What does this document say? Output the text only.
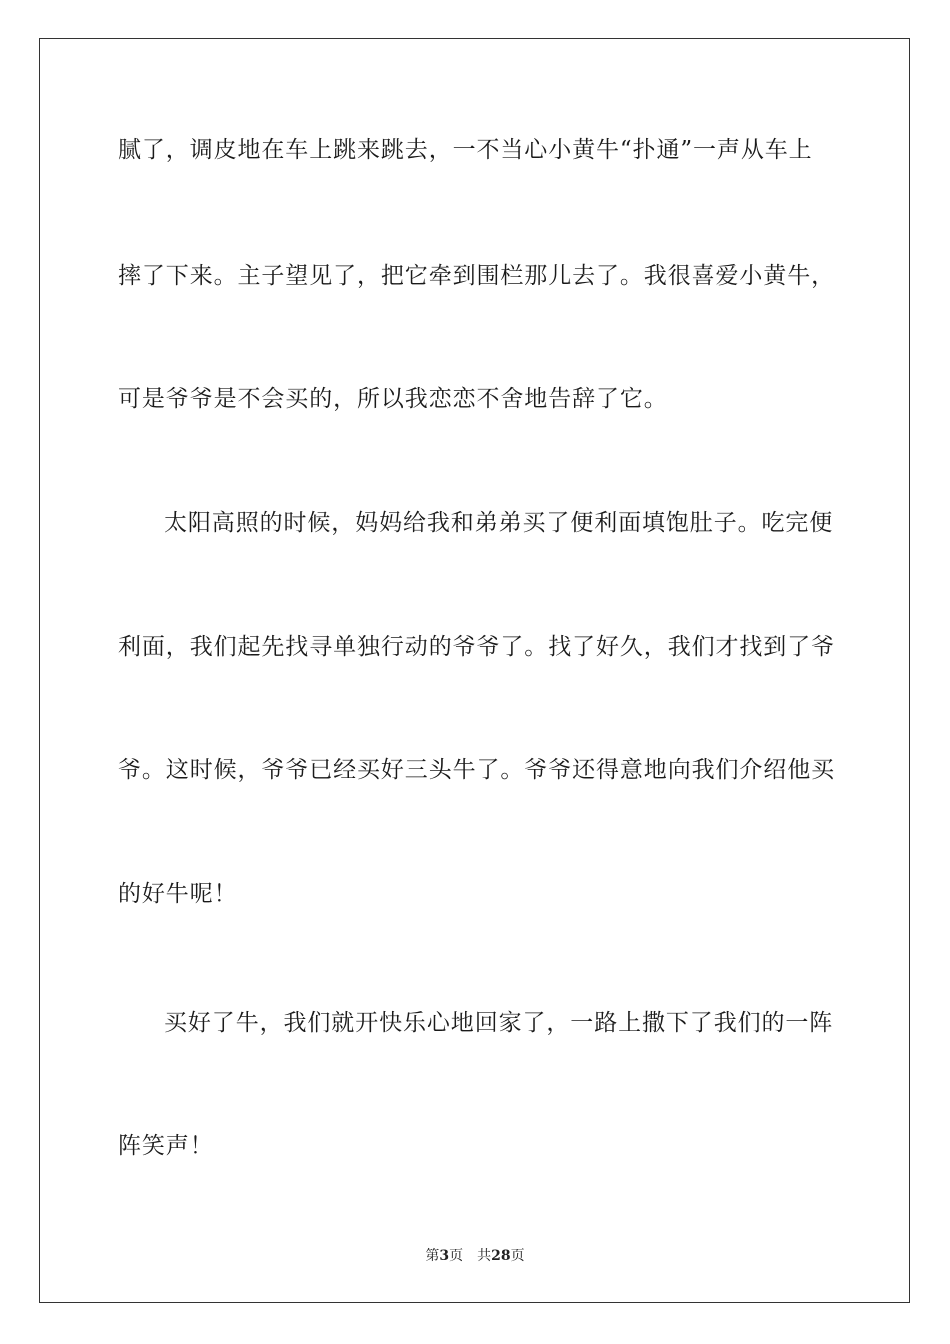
腻了，调皮地在车上跳来跳去，一不当心小黄牛“扑通”一声从车上
摔了下来。主子望见了，把它牵到围栏那儿去了。我很喜爱小黄牛，
可是爷爷是不会买的，所以我恋恋不舍地告辞了它。
太阳高照的时候，妈妈给我和弟弟买了便利面填饱肚子。吃完便
利面，我们起先找寻单独行动的爷爷了。找了好久，我们才找到了爷
爷。这时候，爷爷已经买好三头牛了。爷爷还得意地向我们介绍他买
的好牛呢！
买好了牛，我们就开快乐心地回家了，一路上撒下了我们的一阵
阵笑声！
第3页 共28页
